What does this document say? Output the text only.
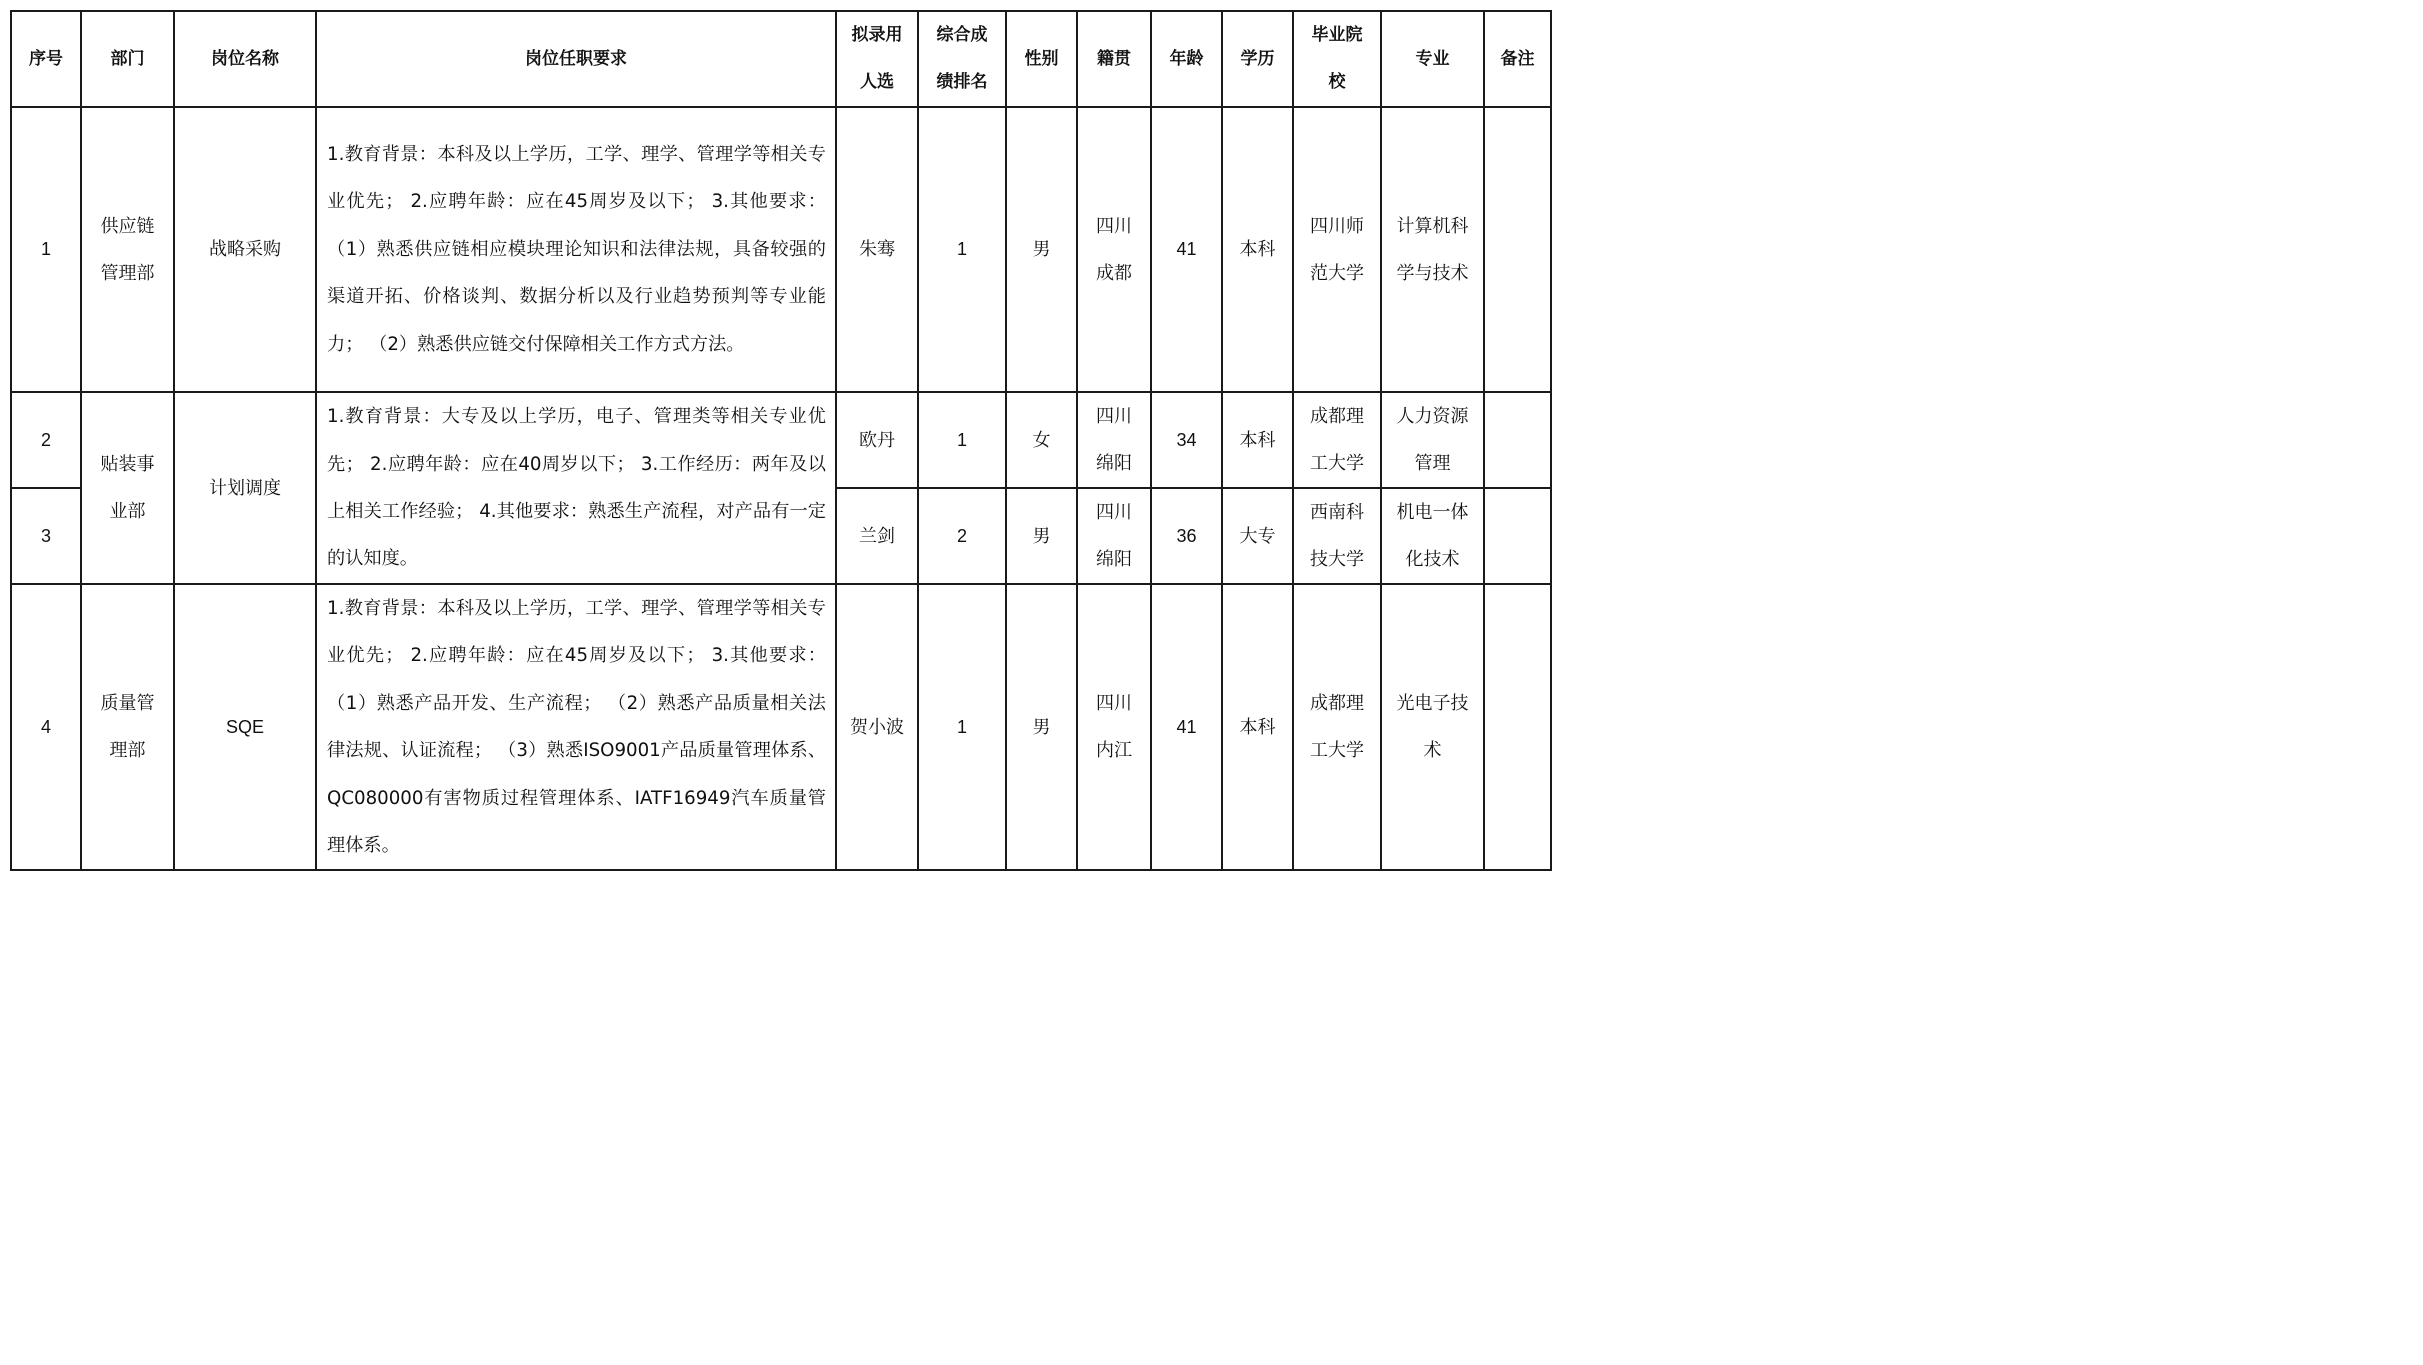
序号	部门	岗位名称	岗位任职要求	拟录用人选	综合成绩排名	性别	籍贯	年龄	学历	毕业院校	专业	备注
1	供应链管理部	战略采购	1.教育背景：本科及以上学历，工学、理学、管理学等相关专业优先； 2.应聘年龄：应在45周岁及以下； 3.其他要求： （1）熟悉供应链相应模块理论知识和法律法规，具备较强的渠道开拓、价格谈判、数据分析以及行业趋势预判等专业能力； （2）熟悉供应链交付保障相关工作方式方法。	朱骞	1	男	四川成都	41	本科	四川师范大学	计算机科学与技术	

2	贴装事业部	计划调度	1.教育背景：大专及以上学历，电子、管理类等相关专业优先； 2.应聘年龄：应在40周岁以下； 3.工作经历：两年及以上相关工作经验； 4.其他要求：熟悉生产流程，对产品有一定的认知度。	欧丹	1	女	四川绵阳	34	本科	成都理工大学	人力资源管理	

3				兰剑	2	男	四川绵阳	36	大专	西南科技大学	机电一体化技术	

4	质量管理部	SQE	1.教育背景：本科及以上学历，工学、理学、管理学等相关专业优先； 2.应聘年龄：应在45周岁及以下； 3.其他要求： （1）熟悉产品开发、生产流程； （2）熟悉产品质量相关法律法规、认证流程； （3）熟悉ISO9001产品质量管理体系、QC080000有害物质过程管理体系、IATF16949汽车质量管理体系。	贺小波	1	男	四川内江	41	本科	成都理工大学	光电子技术	
